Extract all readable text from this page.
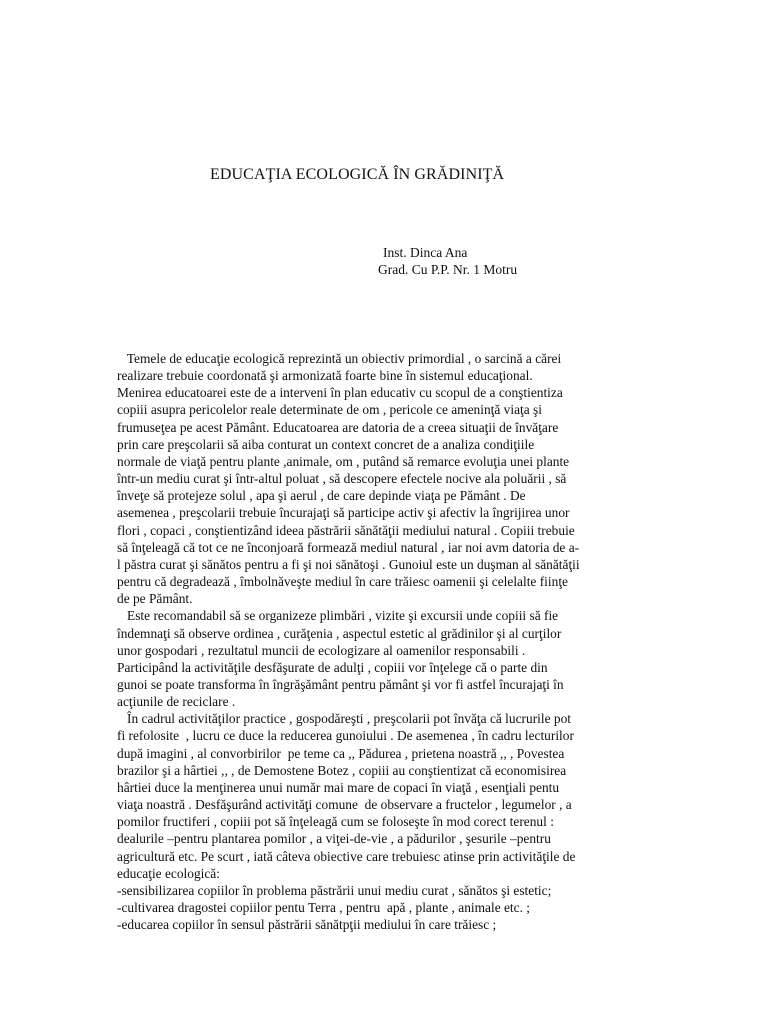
EDUCAŢIA ECOLOGICĂ ÎN GRĂDINIŢĂ
Inst. Dinca Ana
Grad. Cu P.P. Nr. 1 Motru
Temele de educaţie ecologică reprezintă un obiectiv primordial , o sarcină a cărei
realizare trebuie coordonată şi armonizată foarte bine în sistemul educaţional.
Menirea educatoarei este de a interveni în plan educativ cu scopul de a conştientiza
copiii asupra pericolelor reale determinate de om , pericole ce ameninţă viaţa şi
frumuseţea pe acest Pământ. Educatoarea are datoria de a creea situaţii de învăţare
prin care preşcolarii să aiba conturat un context concret de a analiza condiţiile
normale de viaţă pentru plante ,animale, om , putând să remarce evoluţia unei plante
într-un mediu curat şi într-altul poluat , să descopere efectele nocive ala poluării , să
înveţe să protejeze solul , apa şi aerul , de care depinde viaţa pe Pământ . De
asemenea , preşcolarii trebuie încurajaţi să participe activ şi afectiv la îngrijirea unor
flori , copaci , conştientizând ideea păstrării sănătăţii mediului natural . Copiii trebuie
să înţeleagă că tot ce ne înconjoară formează mediul natural , iar noi avm datoria de a-
l păstra curat şi sănătos pentru a fi şi noi sănătoşi . Gunoiul este un duşman al sănătăţii
pentru că degradează , îmbolnăveşte mediul în care trăiesc oamenii şi celelalte fiinţe
de pe Pământ.
Este recomandabil să se organizeze plimbări , vizite şi excursii unde copiii să fie
îndemnaţi să observe ordinea , curăţenia , aspectul estetic al grădinilor şi al curţilor
unor gospodari , rezultatul muncii de ecologizare al oamenilor responsabili .
Participând la activităţile desfăşurate de adulţi , copiii vor înţelege că o parte din
gunoi se poate transforma în îngrăşământ pentru pământ şi vor fi astfel încurajaţi în
acţiunile de reciclare .
În cadrul activităţilor practice , gospodăreşti , preşcolarii pot învăţa că lucrurile pot
fi refolosite  , lucru ce duce la reducerea gunoiului . De asemenea , în cadru lecturilor
după imagini , al convorbirilor  pe teme ca ,, Pădurea , prietena noastră ,, , Povestea
brazilor şi a hârtiei ,, , de Demostene Botez , copiii au conştientizat că economisirea
hârtiei duce la menţinerea unui număr mai mare de copaci în viaţă , esenţiali pentu
viaţa noastră . Desfăşurând activităţi comune  de observare a fructelor , legumelor , a
pomilor fructiferi , copiii pot să înţeleagă cum se foloseşte în mod corect terenul :
dealurile –pentru plantarea pomilor , a viţei-de-vie , a pădurilor , şesurile –pentru
agricultură etc. Pe scurt , iată câteva obiective care trebuiesc atinse prin activităţile de
educaţie ecologică:
-sensibilizarea copiilor în problema păstrării unui mediu curat , sănătos şi estetic;
-cultivarea dragostei copiilor pentu Terra , pentru  apă , plante , animale etc. ;
-educarea copiilor în sensul păstrării sănătpţii mediului în care trăiesc ;
